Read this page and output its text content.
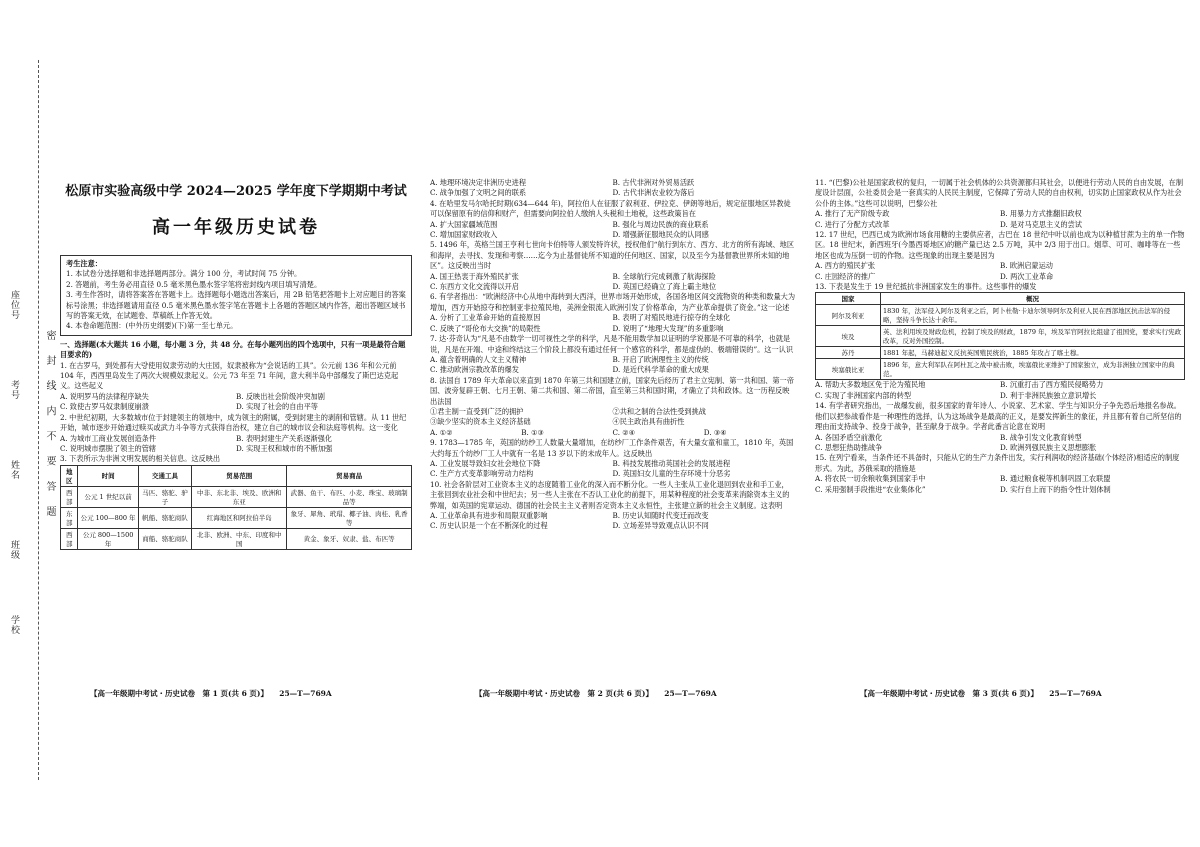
座位号
考号
姓名
班级
学校
密 封 线 内 不 要 答 题
松原市实验高级中学 2024—2025 学年度下学期期中考试
高一年级历史试卷
考生注意：
1. 本试卷分选择题和非选择题两部分。满分 100 分，考试时间 75 分钟。
2. 答题前，考生务必用直径 0.5 毫米黑色墨水签字笔将密封线内项目填写清楚。
3. 考生作答时，请将答案答在答题卡上。选择题每小题选出答案后，用 2B 铅笔把答题卡上对应题目的答案标号涂黑；非选择题请用直径 0.5 毫米黑色墨水签字笔在答题卡上各题的答题区域内作答，超出答题区域书写的答案无效，在试题卷、草稿纸上作答无效。
4. 本卷命题范围：(中外历史纲要)(下)第一至七单元。
一、选择题(本大题共 16 小题，每小题 3 分，共 48 分。在每小题列出的四个选项中，只有一项是最符合题目要求的)
1. 在古罗马，到处都有大량使用奴隶劳动的大庄园，奴隶被称为“会说话的工具”。公元前 136 年和公元前 104 年，西西里岛发生了两次大规模奴隶起义。公元 73 年至 71 年间，意大利半岛中部爆发了斯巴达克起义。这些起义
A. 说明罗马的法律程序缺失	B. 反映出社会阶级冲突加剧
C. 致使古罗马奴隶制度崩溃	D. 实现了社会的自由平等
2. 中世纪初期，大多数城市位于封建领主的领地中，成为领主的附属，受到封建主的剥削和管辖。从 11 世纪开始，城市逐步开始通过赎买或武力斗争等方式获得自治权，建立自己的城市议会和法庭等机构。这一变化
A. 为城市工商业发展创造条件	B. 表明封建生产关系逐渐强化
C. 说明城市摆脱了领主的管辖	D. 实现王权和城市的不断加强
3. 下表所示为非洲文明发展的相关信息。这反映出
地区	时间	交通工具	贸易范围	贸易商品
西部	公元 1 世纪以前	马匹、骆驼、驴子	中非、东北非、埃及、欧洲和东亚	武器、鱼干、布匹、小麦、珠宝、玻璃制品等
东部	公元 100—800 年	帆船、骆驼商队	红海地区和阿拉伯半岛	象牙、犀角、玳瑁、椰子油、肉桂、乳香等
西部	公元 800—1500 年	商船、骆驼商队	北非、欧洲、中东、印度和中国	黄金、象牙、奴隶、盐、布匹等
【高一年级期中考试・历史试卷　第 1 页(共 6 页)】　　25—T—769A
A. 地理环境决定非洲历史进程	B. 古代非洲对外贸易活跃
C. 战争加强了文明之间的联系	D. 古代非洲农业较为落后
4. 在哈里发马尔哈托时期(634—644 年)，阿拉伯人在征服了叙利亚、伊拉克、伊朗等地后，规定征服地区异教徒可以保留原有的信仰和财产，但需要向阿拉伯人缴纳人头税和土地税，这些政策旨在
A. 扩大国家疆域范围	B. 强化与周边民族的商业联系
C. 增加国家财政收入	D. 增强新征服地民众的认同感
5. 1496 年，英格兰国王亨利七世向卡伯特等人颁发特许状，授权他们“航行到东方、西方、北方的所有海域、地区和海岸，去寻找、发现和考察……迄今为止基督徒所不知道的任何地区、国家，以及至今为基督教世界所未知的地区”。这反映出当时
A. 国王热衷于海外殖民扩张	B. 全球航行完成刺激了航海探险
C. 东西方文化交流得以开启	D. 英国已经确立了海上霸主地位
6. 有学者指出：“欧洲经济中心从地中海转到大西洋，世界市场开始形成，各国各地区间交流物资的种类和数量大为增加，西方开始掠夺和控制亚非拉殖民地，美洲金银流入欧洲引发了价格革命，为产业革命提供了资金。”这一论述
A. 分析了工业革命开始的直接原因	B. 表明了对殖民地进行掠夺的全球化
C. 反映了“哥伦布大交换”的局限性	D. 说明了“地理大发现”的多重影响
7. 达·芬奇认为“凡是不由数学一切可视性之学的科学，凡是不能用数学加以证明的学说都是不可靠的科学，也就是说，凡是在开端、中途和终结这三个阶段上都没有通过任何一个感官的科学，都是虚伪的、极端错误的”。这一认识
A. 蕴含着明确的人文主义精神	B. 开启了欧洲理性主义的传统
C. 推动欧洲宗教改革的爆发	D. 是近代科学革命的重大成果
8. 法国自 1789 年大革命以来直到 1870 年第三共和国建立前，国家先后经历了君主立宪制、第一共和国、第一帝国、波旁复辟王朝、七月王朝、第二共和国、第二帝国，直至第三共和国时期，才确立了共和政体。这一历程反映出法国
①君主制一直受到广泛的拥护	②共和之制的合法性受到挑战
③缺少坚实的资本主义经济基础	④民主政治具有曲折性
A. ①②	B. ①③	C. ②④	D. ③④
9. 1783—1785 年，英国的纺纱工人数量大量增加，在纺纱厂工作条件艰苦，有大量女童和童工，1810 年，英国大约每五个纺纱厂工人中就有一名是 13 岁以下的未成年人。这反映出
A. 工业发展导致妇女社会地位下降	B. 科技发展推动英国社会的发展进程
C. 生产方式变革影响劳动力结构	D. 英国妇女儿童的生存环境十分恶劣
10. 社会各阶层对工业资本主义的态度随着工业化的深入而不断分化。一些人主张从工业化退回到农业和手工业，主张回到农业社会和中世纪去；另一些人主张在不否认工业化的前提下，用某种程度的社会变革来消除资本主义的弊端，如英国的宪章运动、德国的社会民主主义者则否定资本主义永恒性，主张建立新的社会主义制度。这表明
A. 工业革命具有进步和局限双重影响	B. 历史认知随时代变迁而改变
C. 历史认识是一个在不断深化的过程	D. 立场差异导致观点认识不同
【高一年级期中考试・历史试卷　第 2 页(共 6 页)】　　25—T—769A
11. “(巴黎)公社是国家政权的复归，一切属于社会机体的公共资源都归其社会，以便进行劳动人民的自由发展，在制度设计层面，公社委员会是一套真实的人民民主制度，它保障了劳动人民的自由权利，切实防止国家政权从作为社会公仆的主体。”这些可以说明，巴黎公社
A. 推行了无产阶级专政	B. 用暴力方式推翻旧政权
C. 进行了分配方式改革	D. 是对马克思主义的尝试
12. 17 世纪，巴西已成为欧洲市场食用糖的主要供应者，古巴在 18 世纪中叶以前也成为以种植甘蔗为主的单一作物区。18 世纪末，新西班牙(今墨西哥地区)的糖产量已达 2.5 万吨，其中 2/3 用于出口。烟草、可可、咖啡等在一些地区也成为压倒一切的作物。这些现象的出现主要是因为
A. 西方的殖民扩张	B. 欧洲启蒙运动
C. 庄园经济的推广	D. 两次工业革命
13. 下表是发生于 19 世纪抵抗非洲国家发生的事件。这些事件的爆发
国家	概况
阿尔及利亚	1830 年，法军侵入阿尔及利亚之后，阿卜杜勒·卡迪尔领导阿尔及利亚人民在西部地区抗击法军的侵略，坚持斗争长达十余年。
埃及	英、法利用埃及财政危机，控制了埃及的财政，1879 年，埃及军官阿拉比组建了祖国党，要求实行宪政改革，反对外国控制。
苏丹	1881 年起，马赫迪起义反抗英国殖民统治，1885 年攻占了喀土穆。
埃塞俄比亚	1896 年，意大利军队在阿杜瓦之战中被击败，埃塞俄比亚维护了国家独立，成为非洲独立国家中的典范。
A. 帮助大多数地区免于沦为殖民地	B. 沉重打击了西方殖民侵略势力
C. 实现了非洲国家内部的转型	D. 利于非洲民族独立意识增长
14. 有学者研究指出，一战爆发前，很多国家的青年诗人、小说家、艺术家、学生与知识分子争先恐后地报名参战。他们以把参战看作是一种理性的选择，认为这场战争是最高的正义，是要发挥新生的象征，并且都有着自己所坚信的理由而支持战争、投身于战争，甚至献身于战争。学者此番言论意在说明
A. 各国矛盾空前激化	B. 战争引发文化教育转型
C. 思想狂热助推战争	D. 欧洲列强民族主义思想膨胀
15. 在列宁看来，当条件还不具备时，只能从它的生产力条件出发，实行利润收的经济基础(个体经济)相适应的制度形式。为此，苏俄采取的措施是
A. 将农民一切余粮收集到国家手中	B. 通过粮食税等机制巩固工农联盟
C. 采用强制手段推进“农业集体化”	D. 实行自上而下的指令性计划体制
【高一年级期中考试・历史试卷　第 3 页(共 6 页)】　　25—T—769A
